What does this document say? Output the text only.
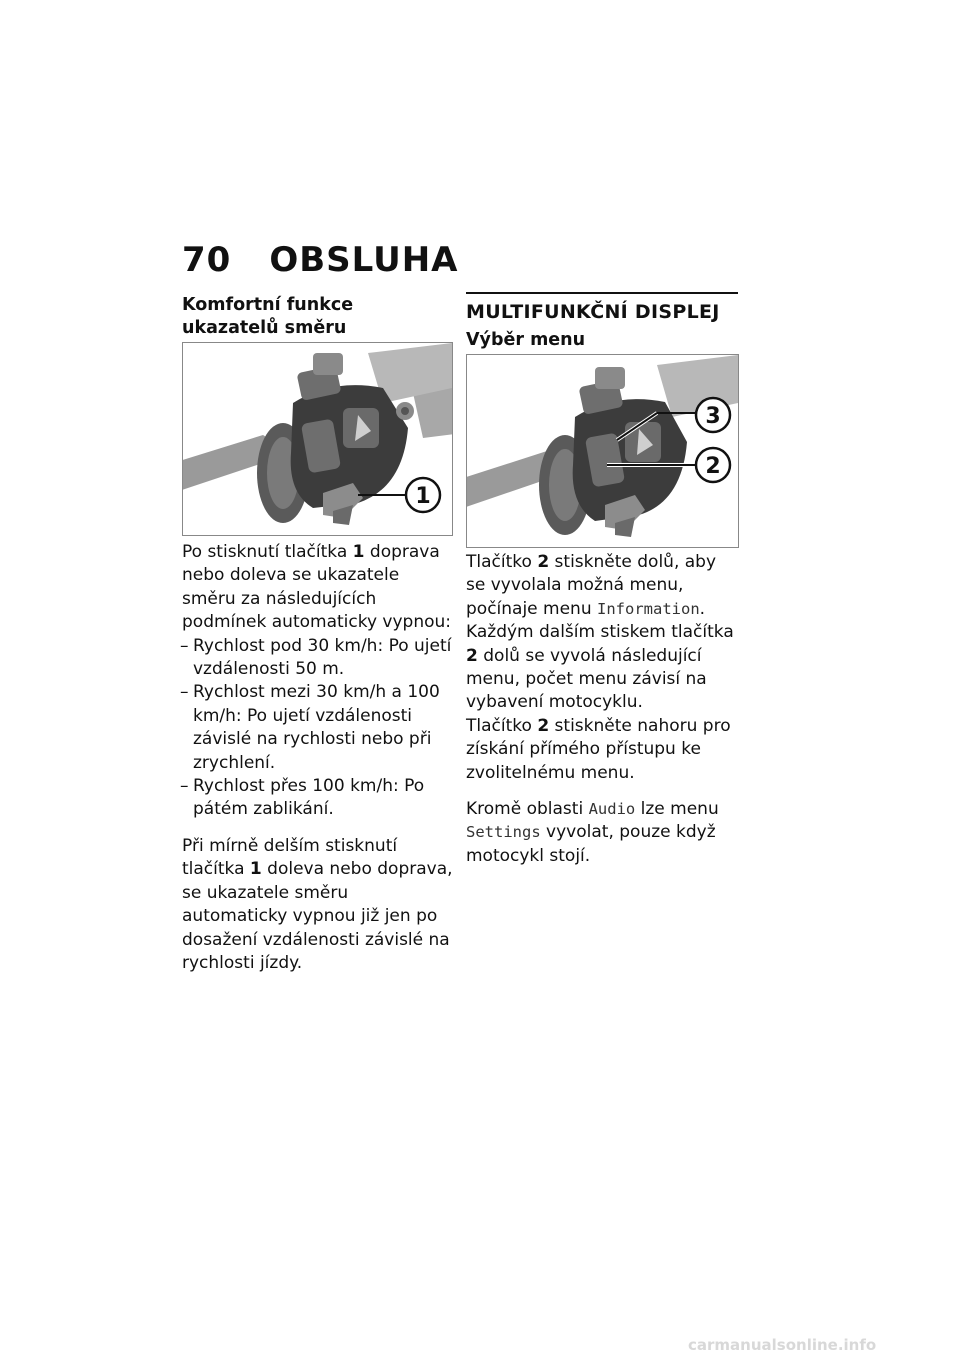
70 OBSLUHA
Komfortní funkce ukazatelů směru
1

Po stisknutí tlačítka 1 doprava nebo doleva se ukazatele směru za následujících podmínek automaticky vypnou:

– Rychlost pod 30 km/h: Po ujetí vzdálenosti 50 m.
– Rychlost mezi 30 km/h a 100 km/h: Po ujetí vzdálenosti závislé na rychlosti nebo při zrychlení.
– Rychlost přes 100 km/h: Po pátém zablikání.

Při mírně delším stisknutí tlačítka 1 doleva nebo doprava, se ukazatele směru automaticky vypnou již jen po dosažení vzdálenosti závislé na rychlosti jízdy.

MULTIFUNKČNÍ DISPLEJ
Výběr menu
3
2

Tlačítko 2 stiskněte dolů, aby se vyvolala možná menu, počínaje menu Information. Každým dalším stiskem tlačítka 2 dolů se vyvolá následující menu, počet menu závisí na vybavení motocyklu.

Tlačítko 2 stiskněte nahoru pro získání přímého přístupu ke zvolitelnému menu.

Kromě oblasti Audio lze menu Settings vyvolat, pouze když motocykl stojí.

carmanualsonline.info
